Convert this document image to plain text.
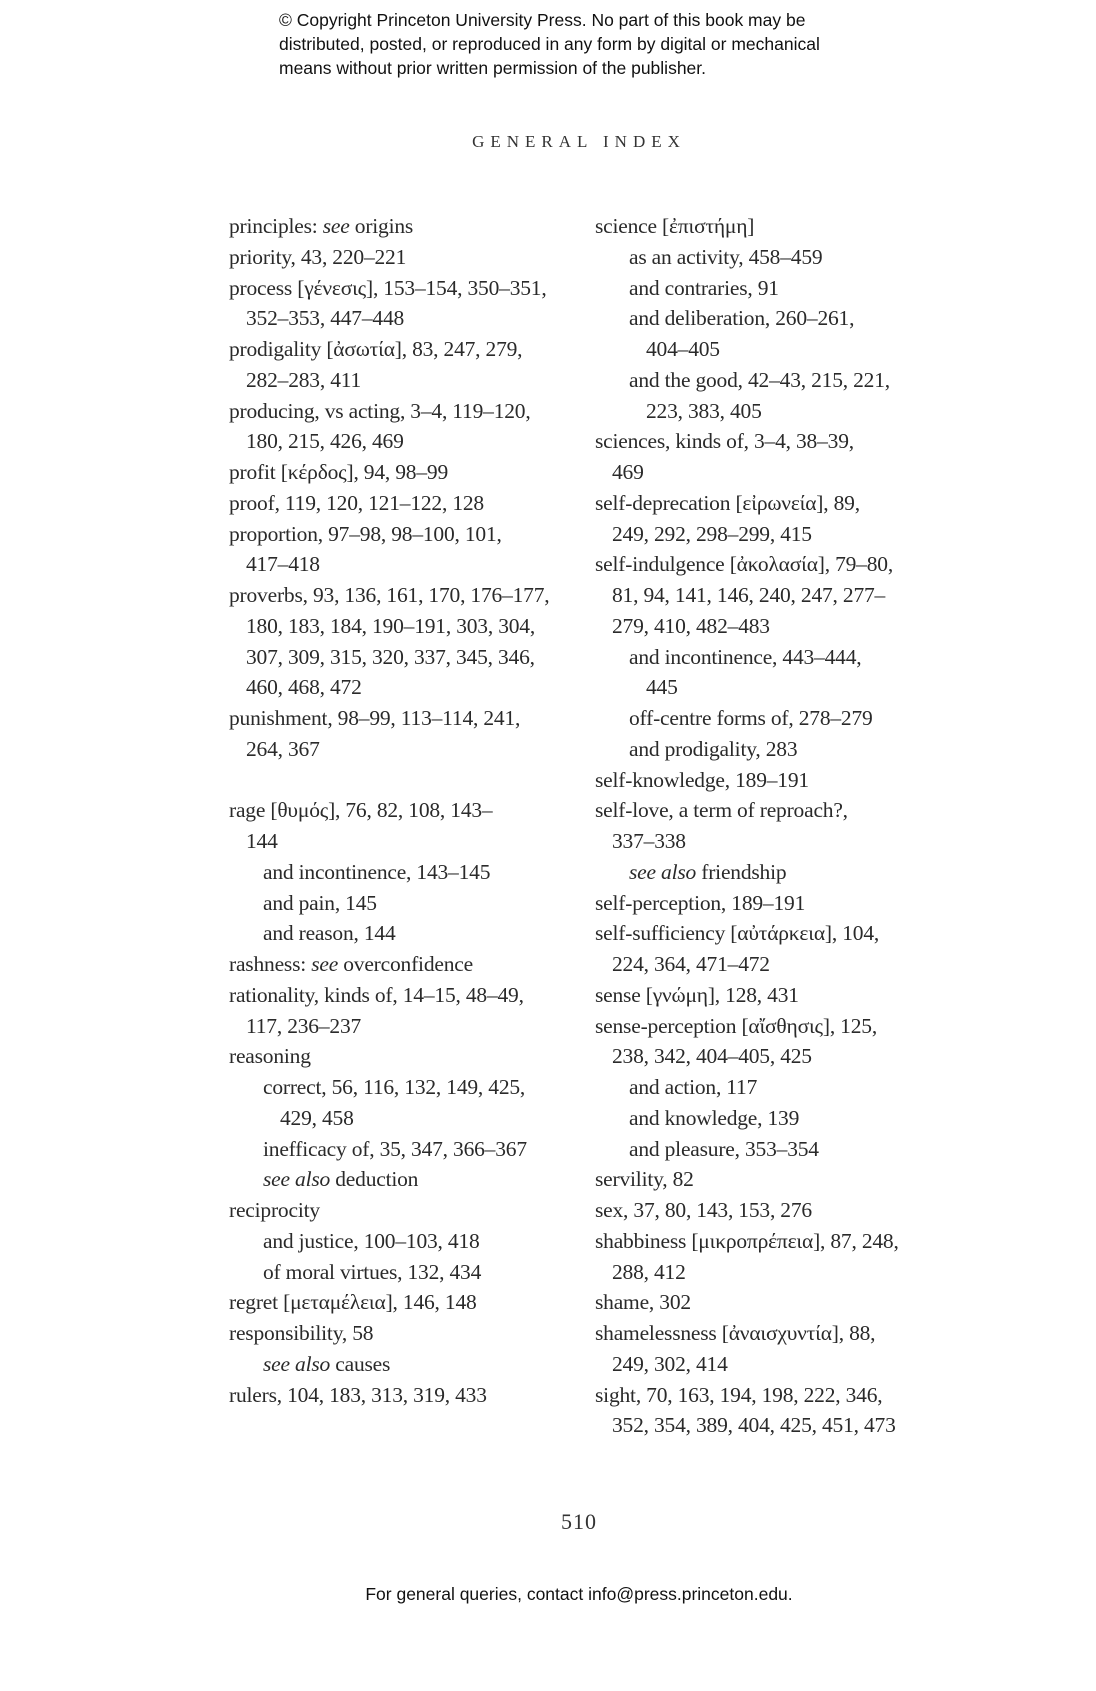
© Copyright Princeton University Press. No part of this book may be
distributed, posted, or reproduced in any form by digital or mechanical
means without prior written permission of the publisher.
GENERAL INDEX
principles: see origins
priority, 43, 220–221
process [γένεσις], 153–154, 350–351,
352–353, 447–448
prodigality [ἀσωτία], 83, 247, 279,
282–283, 411
producing, vs acting, 3–4, 119–120,
180, 215, 426, 469
profit [κέρδος], 94, 98–99
proof, 119, 120, 121–122, 128
proportion, 97–98, 98–100, 101,
417–418
proverbs, 93, 136, 161, 170, 176–177,
180, 183, 184, 190–191, 303, 304,
307, 309, 315, 320, 337, 345, 346,
460, 468, 472
punishment, 98–99, 113–114, 241,
264, 367
rage [θυμός], 76, 82, 108, 143–
144
and incontinence, 143–145
and pain, 145
and reason, 144
rashness: see overconfidence
rationality, kinds of, 14–15, 48–49,
117, 236–237
reasoning
correct, 56, 116, 132, 149, 425,
429, 458
inefficacy of, 35, 347, 366–367
see also deduction
reciprocity
and justice, 100–103, 418
of moral virtues, 132, 434
regret [μεταμέλεια], 146, 148
responsibility, 58
see also causes
rulers, 104, 183, 313, 319, 433
science [ἐπιστήμη]
as an activity, 458–459
and contraries, 91
and deliberation, 260–261,
404–405
and the good, 42–43, 215, 221,
223, 383, 405
sciences, kinds of, 3–4, 38–39,
469
self-deprecation [εἰρωνεία], 89,
249, 292, 298–299, 415
self-indulgence [ἀκολασία], 79–80,
81, 94, 141, 146, 240, 247, 277–
279, 410, 482–483
and incontinence, 443–444,
445
off-centre forms of, 278–279
and prodigality, 283
self-knowledge, 189–191
self-love, a term of reproach?,
337–338
see also friendship
self-perception, 189–191
self-sufficiency [αὐτάρκεια], 104,
224, 364, 471–472
sense [γνώμη], 128, 431
sense-perception [αἴσθησις], 125,
238, 342, 404–405, 425
and action, 117
and knowledge, 139
and pleasure, 353–354
servility, 82
sex, 37, 80, 143, 153, 276
shabbiness [μικροπρέπεια], 87, 248,
288, 412
shame, 302
shamelessness [ἀναισχυντία], 88,
249, 302, 414
sight, 70, 163, 194, 198, 222, 346,
352, 354, 389, 404, 425, 451, 473
510
For general queries, contact info@press.princeton.edu.
